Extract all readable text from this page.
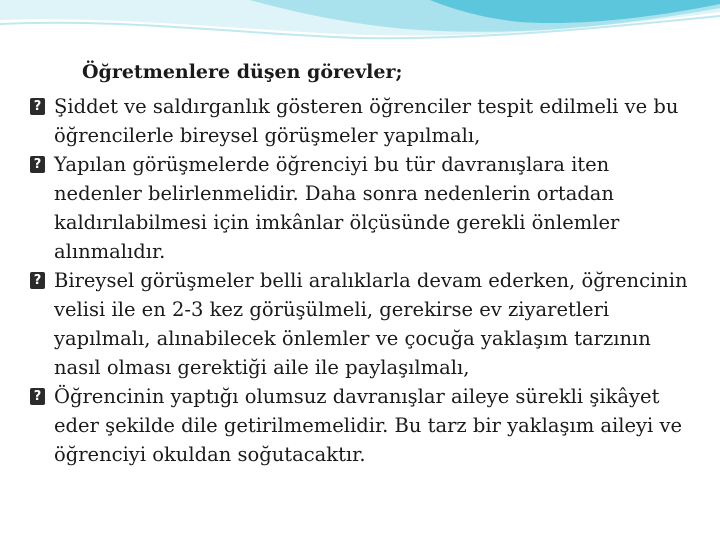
Öğretmenlere düşen görevler;
? Şiddet ve saldırganlık gösteren öğrenciler tespit edilmeli ve bu öğrencilerle bireysel görüşmeler yapılmalı,
? Yapılan görüşmelerde öğrenciyi bu tür davranışlara iten nedenler belirlenmelidir. Daha sonra nedenlerin ortadan kaldırılabilmesi için imkânlar ölçüsünde gerekli önlemler alınmalıdır.
? Bireysel görüşmeler belli aralıklarla devam ederken, öğrencinin velisi ile en 2-3 kez görüşülmeli, gerekirse ev ziyaretleri yapılmalı, alınabilecek önlemler ve çocuğa yaklaşım tarzının nasıl olması gerektiği aile ile paylaşılmalı,
? Öğrencinin yaptığı olumsuz davranışlar aileye sürekli şikâyet eder şekilde dile getirilmemelidir. Bu tarz bir yaklaşım aileyi ve öğrenciyi okuldan soğutacaktır.
